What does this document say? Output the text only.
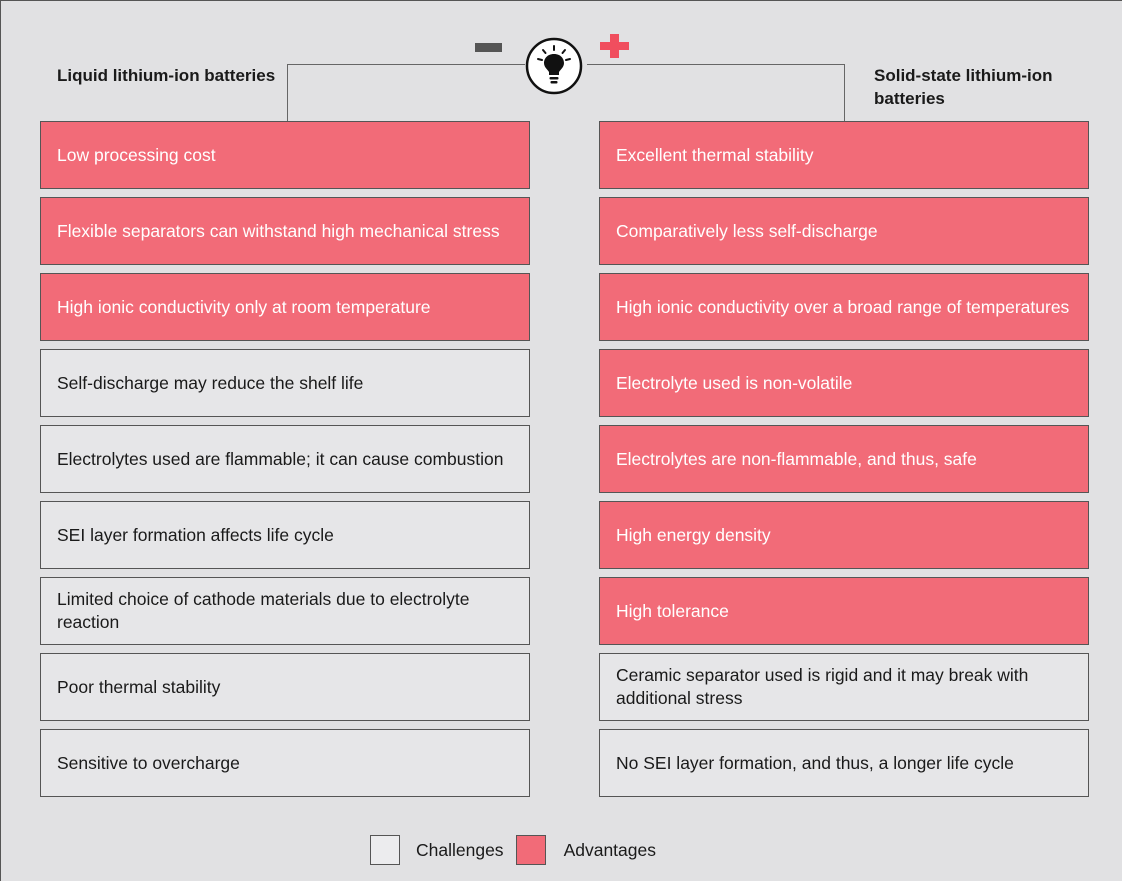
Liquid lithium-ion batteries	Solid-state lithium-ion batteries
Low processing cost
Flexible separators can withstand high mechanical stress
High ionic conductivity only at room temperature
Self-discharge may reduce the shelf life
Electrolytes used are flammable; it can cause combustion
SEI layer formation affects life cycle
Limited choice of cathode materials due to electrolyte reaction
Poor thermal stability
Sensitive to overcharge
Excellent thermal stability
Comparatively less self-discharge
High ionic conductivity over a broad range of temperatures
Electrolyte used is non-volatile
Electrolytes are non-flammable, and thus, safe
High energy density
High tolerance
Ceramic separator used is rigid and it may break with additional stress
No SEI layer formation, and thus, a longer life cycle
Challenges	Advantages
